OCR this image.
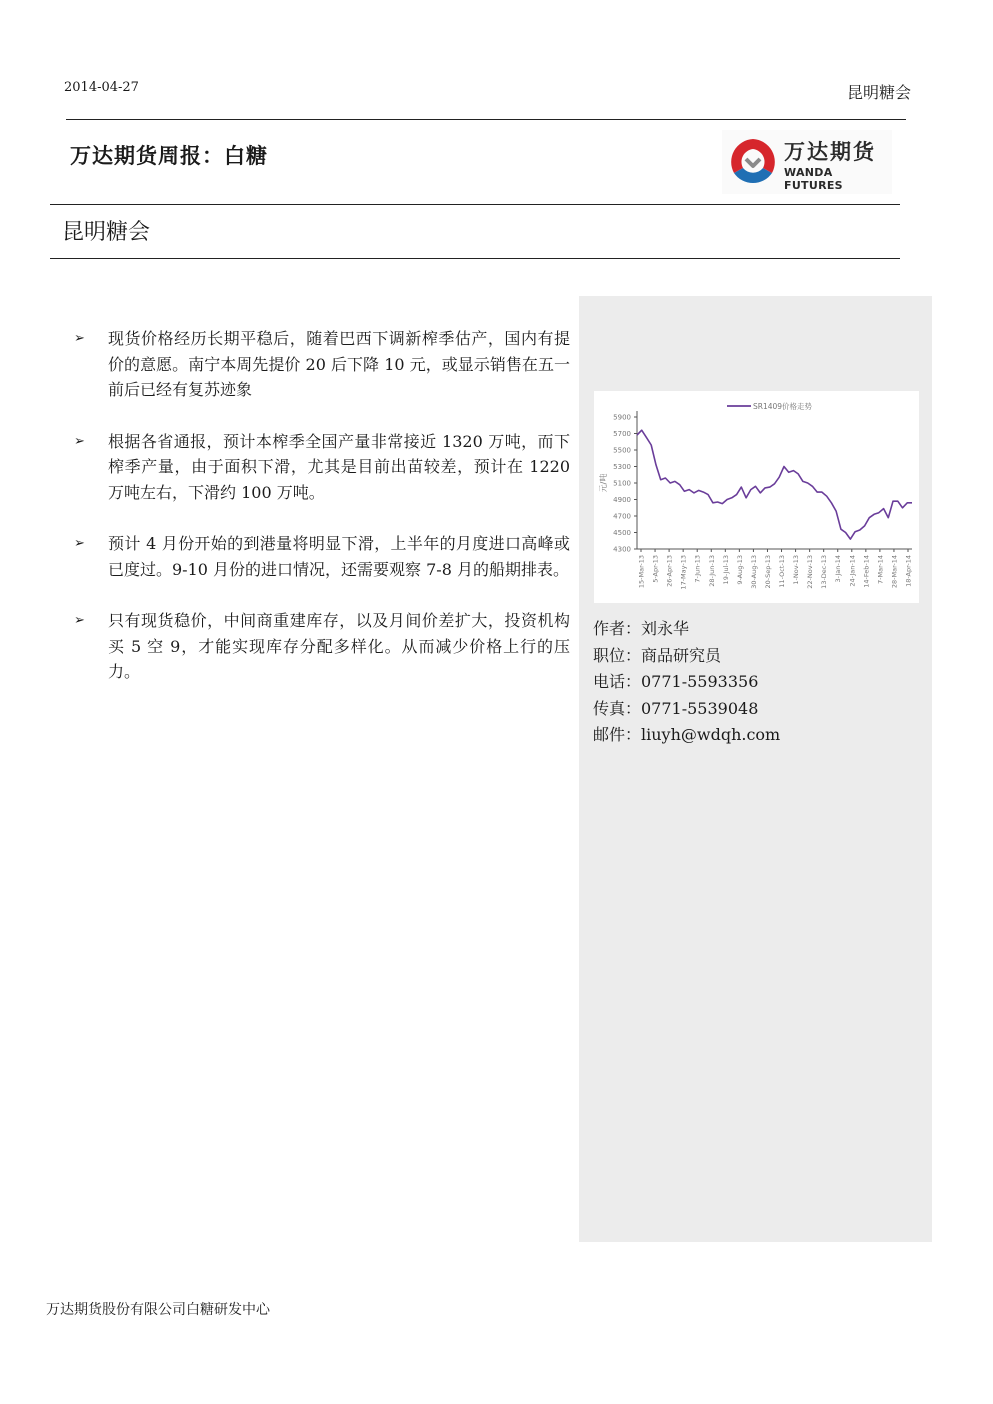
2014-04-27	昆明糖会
万达期货周报：白糖	万达期货
WANDA FUTURES
昆明糖会
➢ 现货价格经历长期平稳后，随着巴西下调新榨季估产，国内有提价的意愿。南宁本周先提价 20 后下降 10 元，或显示销售在五一前后已经有复苏迹象
➢ 根据各省通报，预计本榨季全国产量非常接近 1320 万吨，而下榨季产量，由于面积下滑，尤其是目前出苗较差，预计在 1220 万吨左右，下滑约 100 万吨。
➢ 预计 4 月份开始的到港量将明显下滑，上半年的月度进口高峰或已度过。9-10 月份的进口情况，还需要观察 7-8 月的船期排表。
➢ 只有现货稳价，中间商重建库存，以及月间价差扩大，投资机构买 5 空 9，才能实现库存分配多样化。从而减少价格上行的压力。
4300
4500
4700
4900
5100
5300
5500
5700
5900
元/吨
15-Mar-13 5-Apr-13 26-Apr-13 17-May-13 7-Jun-13 28-Jun-13 19-Jul-13 9-Aug-13 30-Aug-13 20-Sep-13 11-Oct-13 1-Nov-13 22-Nov-13 13-Dec-13 3-Jan-14 24-Jan-14 14-Feb-14 7-Mar-14 28-Mar-14 18-Apr-14
SR1409价格走势
作者：刘永华
职位：商品研究员
电话：0771-5593356
传真：0771-5539048
邮件：liuyh@wdqh.com
万达期货股份有限公司白糖研发中心
